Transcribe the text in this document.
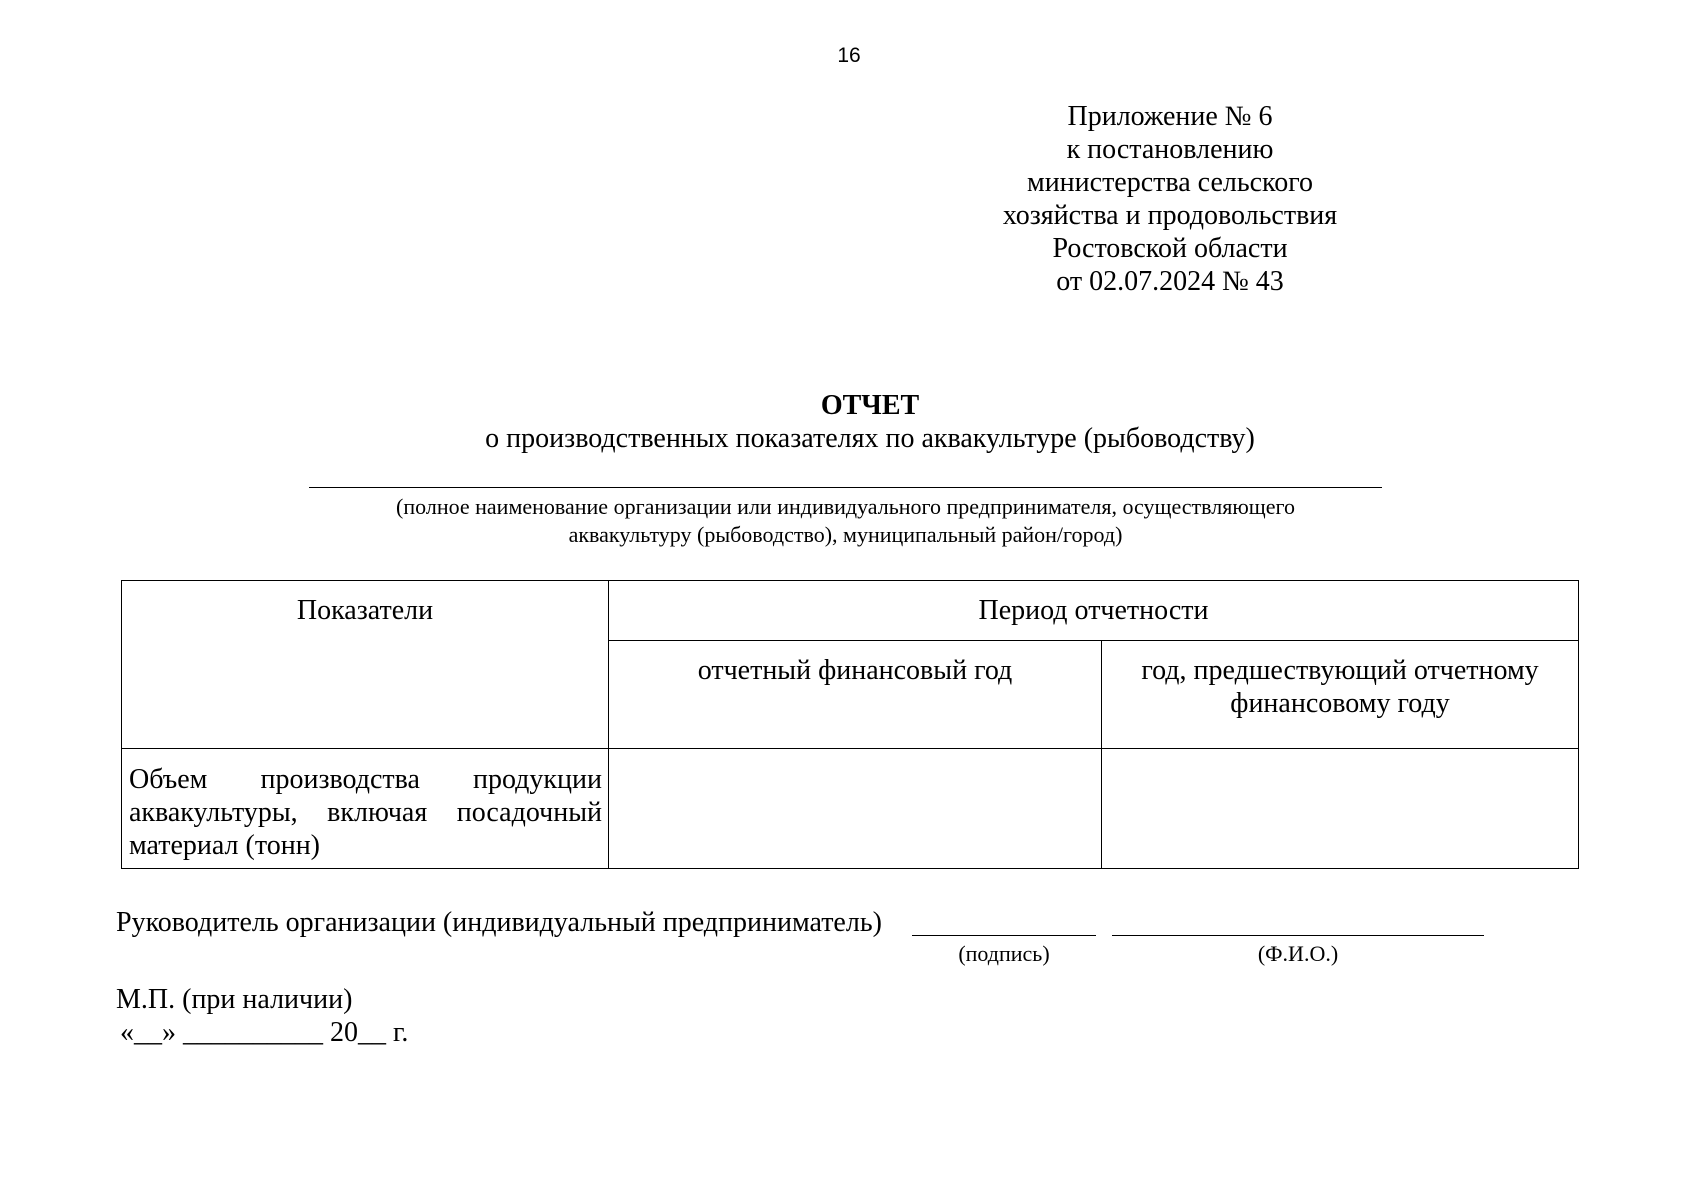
16
Приложение № 6
к постановлению
министерства сельского
хозяйства и продовольствия
Ростовской области
от 02.07.2024 № 43
ОТЧЕТ
о производственных показателях по аквакультуре (рыбоводству)
(полное наименование организации или индивидуального предпринимателя, осуществляющего
аквакультуру (рыбоводство), муниципальный район/город)
Показатели	Период отчетности	
	отчетный финансовый год	год, предшествующий отчетному финансовому году
Объем производства продукции аквакультуры, включая посадочный материал (тонн)		
Руководитель организации (индивидуальный предприниматель)
(подпись)	(Ф.И.О.)
М.П. (при наличии)
«__» __________ 20__ г.
